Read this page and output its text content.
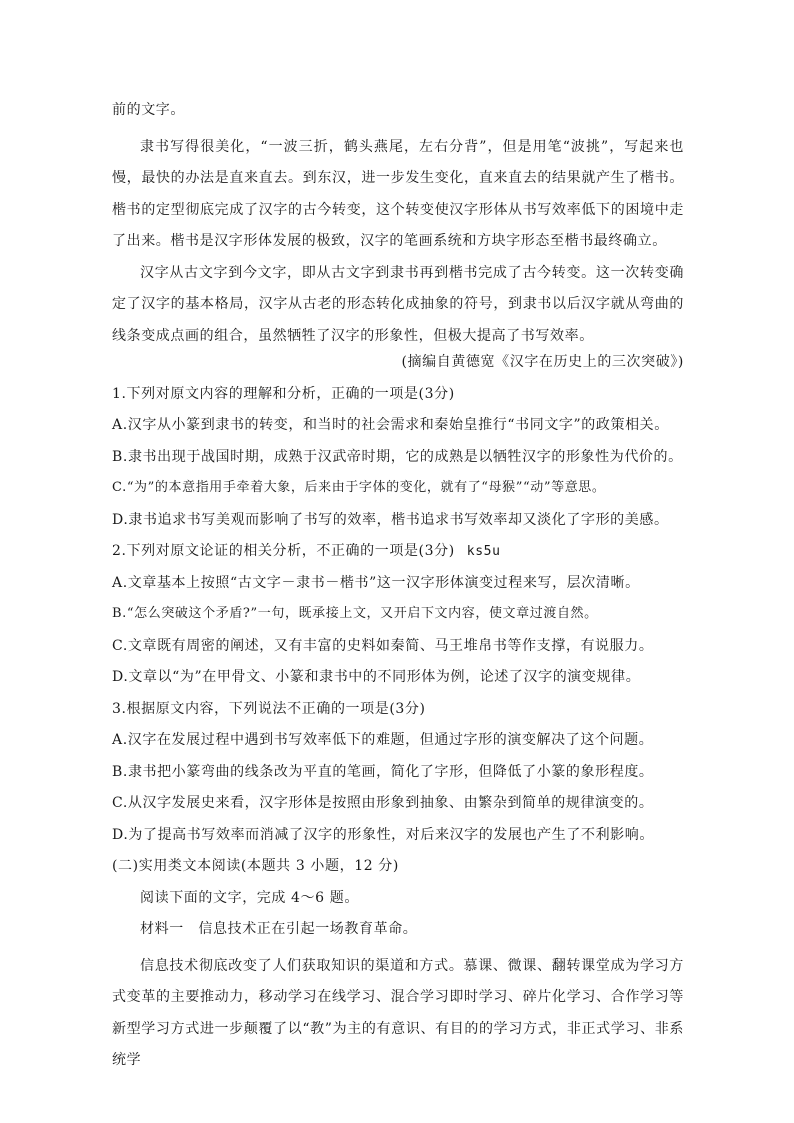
前的文字。
隶书写得很美化，“一波三折，鹤头燕尾，左右分背”，但是用笔“波挑”，写起来也慢，最快的办法是直来直去。到东汉，进一步发生变化，直来直去的结果就产生了楷书。楷书的定型彻底完成了汉字的古今转变，这个转变使汉字形体从书写效率低下的困境中走了出来。楷书是汉字形体发展的极致，汉字的笔画系统和方块字形态至楷书最终确立。
汉字从古文字到今文字，即从古文字到隶书再到楷书完成了古今转变。这一次转变确定了汉字的基本格局，汉字从古老的形态转化成抽象的符号，到隶书以后汉字就从弯曲的线条变成点画的组合，虽然牺牲了汉字的形象性，但极大提高了书写效率。
(摘编自黄德宽《汉字在历史上的三次突破》)
1.下列对原文内容的理解和分析，正确的一项是(3分)
A.汉字从小篆到隶书的转变，和当时的社会需求和秦始皇推行“书同文字”的政策相关。
B.隶书出现于战国时期，成熟于汉武帝时期，它的成熟是以牺牲汉字的形象性为代价的。
C.“为”的本意指用手牵着大象，后来由于字体的变化，就有了“母猴”“动”等意思。
D.隶书追求书写美观而影响了书写的效率，楷书追求书写效率却又淡化了字形的美感。
2.下列对原文论证的相关分析，不正确的一项是(3分) ks5u
A.文章基本上按照“古文字－隶书－楷书”这一汉字形体演变过程来写，层次清晰。
B.“怎么突破这个矛盾?”一句，既承接上文，又开启下文内容，使文章过渡自然。
C.文章既有周密的阐述，又有丰富的史料如秦简、马王堆帛书等作支撑，有说服力。
D.文章以“为”在甲骨文、小篆和隶书中的不同形体为例，论述了汉字的演变规律。
3.根据原文内容，下列说法不正确的一项是(3分)
A.汉字在发展过程中遇到书写效率低下的难题，但通过字形的演变解决了这个问题。
B.隶书把小篆弯曲的线条改为平直的笔画，简化了字形，但降低了小篆的象形程度。
C.从汉字发展史来看，汉字形体是按照由形象到抽象、由繁杂到简单的规律演变的。
D.为了提高书写效率而消减了汉字的形象性，对后来汉字的发展也产生了不利影响。
(二)实用类文本阅读(本题共 3 小题，12 分)
阅读下面的文字，完成 4～6 题。
材料一　信息技术正在引起一场教育革命。
信息技术彻底改变了人们获取知识的渠道和方式。慕课、微课、翻转课堂成为学习方式变革的主要推动力，移动学习在线学习、混合学习即时学习、碎片化学习、合作学习等新型学习方式进一步颠覆了以“教”为主的有意识、有目的的学习方式，非正式学习、非系统学
